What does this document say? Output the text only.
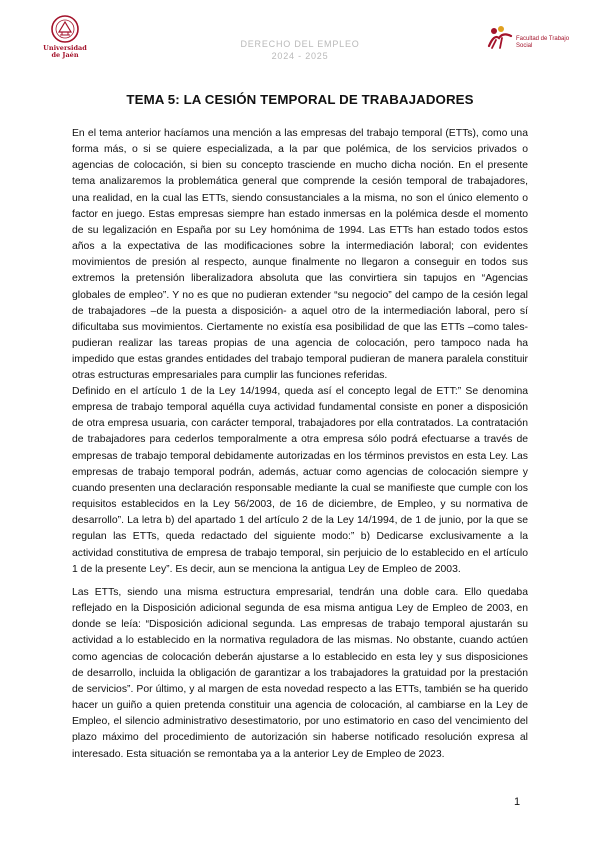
Universidad de Jaén
DERECHO DEL EMPLEO
2024 - 2025
Facultad de Trabajo Social
TEMA 5: LA CESIÓN TEMPORAL DE TRABAJADORES

En el tema anterior hacíamos una mención a las empresas del trabajo temporal (ETTs), como una forma más, o si se quiere especializada, a la par que polémica, de los servicios privados o agencias de colocación, si bien su concepto trasciende en mucho dicha noción. En el presente tema analizaremos la problemática general que comprende la cesión temporal de trabajadores, una realidad, en la cual las ETTs, siendo consustanciales a la misma, no son el único elemento o factor en juego. Estas empresas siempre han estado inmersas en la polémica desde el momento de su legalización en España por su Ley homónima de 1994. Las ETTs han estado todos estos años a la expectativa de las modificaciones sobre la intermediación laboral; con evidentes movimientos de presión al respecto, aunque finalmente no llegaron a conseguir en todos sus extremos la pretensión liberalizadora absoluta que las convirtiera sin tapujos en “Agencias globales de empleo”. Y no es que no pudieran extender “su negocio” del campo de la cesión legal de trabajadores –de la puesta a disposición- a aquel otro de la intermediación laboral, pero sí dificultaba sus movimientos. Ciertamente no existía esa posibilidad de que las ETTs –como tales- pudieran realizar las tareas propias de una agencia de colocación, pero tampoco nada ha impedido que estas grandes entidades del trabajo temporal pudieran de manera paralela constituir otras estructuras empresariales para cumplir las funciones referidas.

Definido en el artículo 1 de la Ley 14/1994, queda así el concepto legal de ETT:” Se denomina empresa de trabajo temporal aquélla cuya actividad fundamental consiste en poner a disposición de otra empresa usuaria, con carácter temporal, trabajadores por ella contratados. La contratación de trabajadores para cederlos temporalmente a otra empresa sólo podrá efectuarse a través de empresas de trabajo temporal debidamente autorizadas en los términos previstos en esta Ley. Las empresas de trabajo temporal podrán, además, actuar como agencias de colocación siempre y cuando presenten una declaración responsable mediante la cual se manifieste que cumple con los requisitos establecidos en la Ley 56/2003, de 16 de diciembre, de Empleo, y su normativa de desarrollo”. La letra b) del apartado 1 del artículo 2 de la Ley 14/1994, de 1 de junio, por la que se regulan las ETTs, queda redactado del siguiente modo:” b) Dedicarse exclusivamente a la actividad constitutiva de empresa de trabajo temporal, sin perjuicio de lo establecido en el artículo 1 de la presente Ley”. Es decir, aun se menciona la antigua Ley de Empleo de 2003.

Las ETTs, siendo una misma estructura empresarial, tendrán una doble cara. Ello quedaba reflejado en la Disposición adicional segunda de esa misma antigua Ley de Empleo de 2003, en donde se leía: “Disposición adicional segunda. Las empresas de trabajo temporal ajustarán su actividad a lo establecido en la normativa reguladora de las mismas. No obstante, cuando actúen como agencias de colocación deberán ajustarse a lo establecido en esta ley y sus disposiciones de desarrollo, incluida la obligación de garantizar a los trabajadores la gratuidad por la prestación de servicios”. Por último, y al margen de esta novedad respecto a las ETTs, también se ha querido hacer un guiño a quien pretenda constituir una agencia de colocación, al cambiarse en la Ley de Empleo, el silencio administrativo desestimatorio, por uno estimatorio en caso del vencimiento del plazo máximo del procedimiento de autorización sin haberse notificado resolución expresa al interesado. Esta situación se remontaba ya a la anterior Ley de Empleo de 2023.

1
